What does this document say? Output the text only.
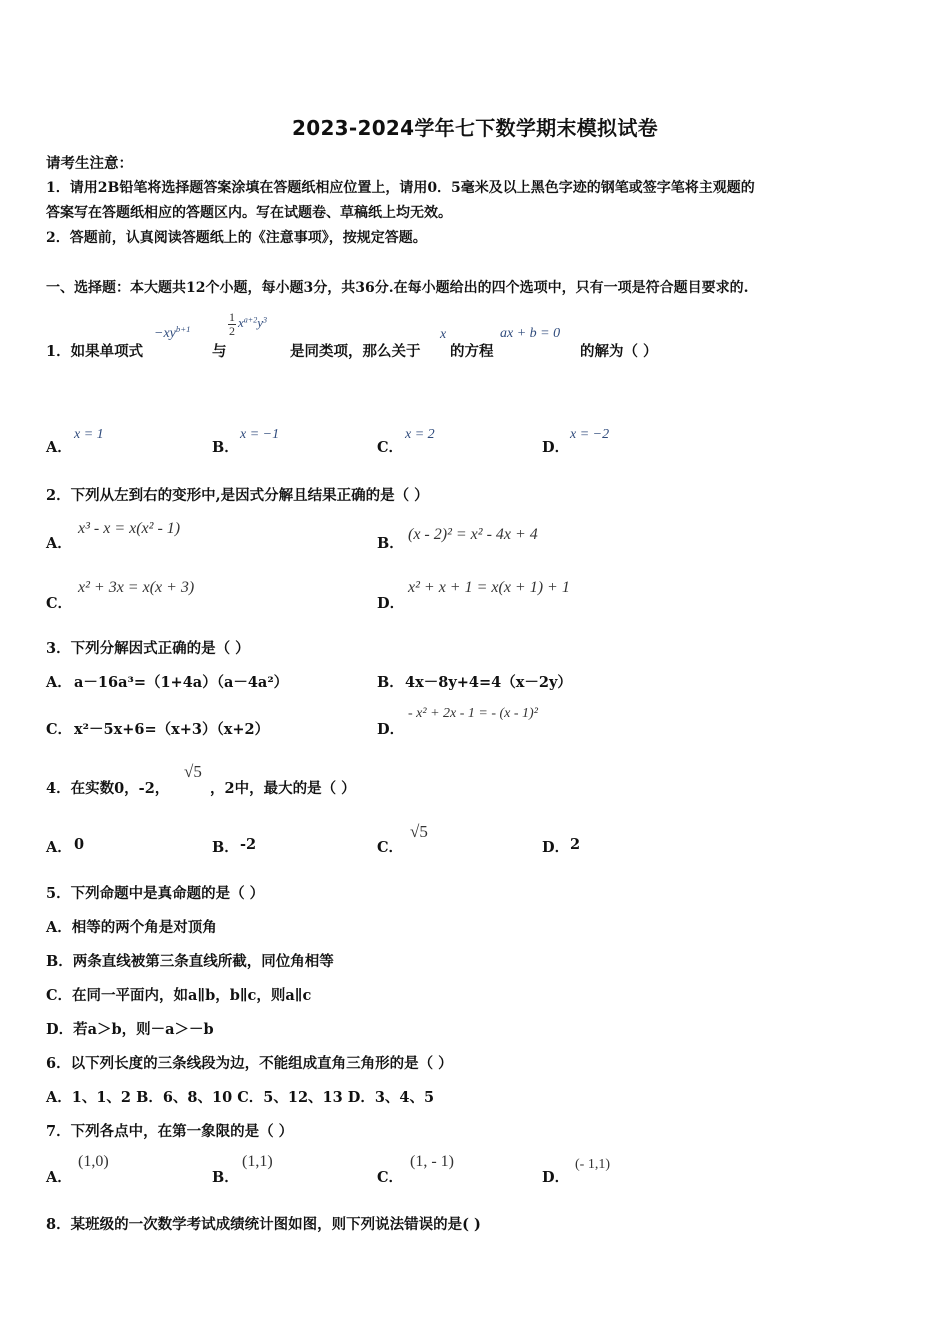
2023-2024学年七下数学期末模拟试卷
请考生注意：
1．请用2B铅笔将选择题答案涂填在答题纸相应位置上，请用0．5毫米及以上黑色字迹的钢笔或签字笔将主观题的
答案写在答题纸相应的答题区内。写在试题卷、草稿纸上均无效。
2．答题前，认真阅读答题纸上的《注意事项》，按规定答题。
一、选择题：本大题共12个小题，每小题3分，共36分.在每小题给出的四个选项中，只有一项是符合题目要求的.
1．如果单项式
$-xy^{b+1}$
与
1
2
$x^{a+2}y^3$
是同类项，那么关于
x
的方程
ax + b = 0
的解为（ ）
A．
x = 1
B．
x = −1
C．
x = 2
D．
x = −2
2．下列从左到右的变形中,是因式分解且结果正确的是（ ）
A．
x³ - x = x(x² - 1)
B．
(x - 2)² = x² - 4x + 4
C．
x² + 3x = x(x + 3)
D．
x² + x + 1 = x(x + 1) + 1
3．下列分解因式正确的是（ ）
A． a－16a³=（1+4a）（a－4a²）	B． 4x－8y+4=4（x－2y）
C． x²－5x+6=（x+3）（x+2）	D．
- x² + 2x - 1 = - (x - 1)²
4．在实数0，-2，
√5
，2中，最大的是（ ）
A． 0	B． -2	C．
√5
D． 2
5．下列命题中是真命题的是（ ）
A．相等的两个角是对顶角
B．两条直线被第三条直线所截，同位角相等
C．在同一平面内，如a∥b，b∥c，则a∥c
D．若a＞b，则－a＞－b
6．以下列长度的三条线段为边，不能组成直角三角形的是（ ）
A．1、1、2 B．6、8、10 C．5、12、13 D．3、4、5
7．下列各点中，在第一象限的是（ ）
A．
(1,0)
B．
(1,1)
C．
(1, - 1)
D．
(- 1,1)
8．某班级的一次数学考试成绩统计图如图，则下列说法错误的是( )
